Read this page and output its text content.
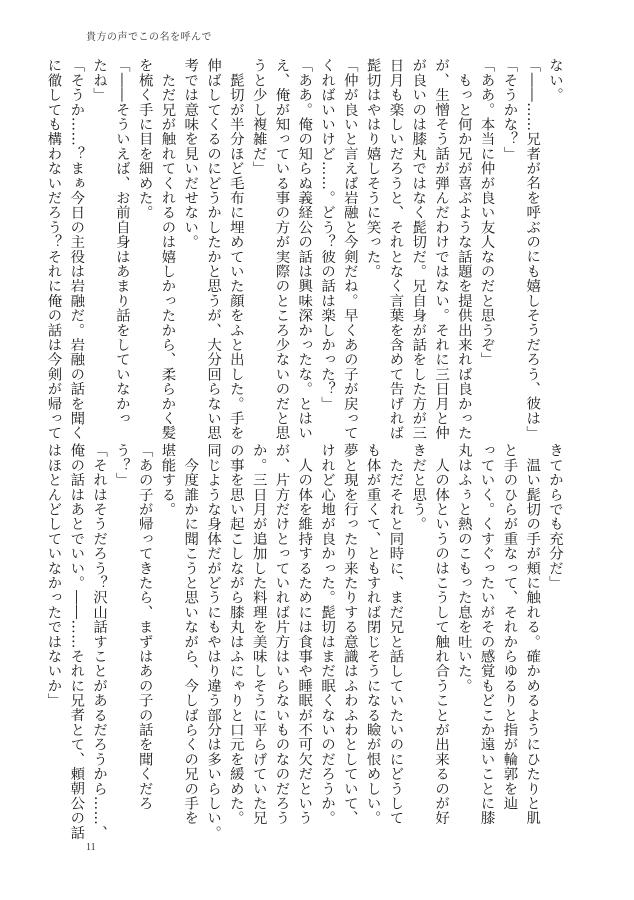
貴方の声でこの名を呼んで

ない。

「――……兄者が名を呼ぶのにも嬉しそうだろう、彼は」

「そうかな？」

「ああ。本当に仲が良い友人なのだと思うぞ」

　もっと何か兄が喜ぶような話題を提供出来れば良かった

が、生憎そう話が弾んだわけではない。それに三日月と仲

が良いのは膝丸ではなく髭切だ。兄自身が話をした方が三

日月も楽しいだろうと、それとなく言葉を含めて告げれば

髭切はやはり嬉しそうに笑った。

「仲が良いと言えば岩融と今剣だね。早くあの子が戻って

くればいいけど……。どう？彼の話は楽しかった？」

「ああ。俺の知らぬ義経公の話は興味深かったな。とはい

え、俺が知っている事の方が実際のところ少ないのだと思

うと少し複雑だ」

　髭切が半分ほど毛布に埋めていた顔をふと出した。手を

伸ばしてくるのにどうかしたかと思うが、大分回らない思

考では意味を見いだせない。

　ただ兄が触れてくれるのは嬉しかったから、柔らかく髪

を梳く手に目を細めた。

「――そういえば、お前自身はあまり話をしていなかっ

たね」

「そうか……？まぁ今日の主役は岩融だ。岩融の話を聞く

に徹しても構わないだろう？それに俺の話は今剣が帰って

きてからでも充分だ」

　温い髭切の手が頬に触れる。確かめるようにひたりと肌

と手のひらが重なって、それからゆるりと指が輪郭を辿

っていく。くすぐったいがその感覚もどこか遠いことに膝

丸はふぅと熱のこもった息を吐いた。

　人の体というのはこうして触れ合うことが出来るのが好

きだと思う。

　ただそれと同時に、まだ兄と話していたいのにどうして

も体が重くて、ともすれば閉じそうになる瞼が恨めしい。

夢と現を行ったり来たりする意識はふわふわとしていて、

けれど心地が良かった。髭切はまだ眠くないのだろうか。

　人の体を維持するためには食事や睡眠が不可欠だという

が、片方だけとっていれば片方はいらないものなのだろう

か。三日月が追加した料理を美味しそうに平らげていた兄

の事を思い起こしながら膝丸はふにゃりと口元を緩めた。

同じような身体だがどうにもやはり違う部分は多いらしい。

　今度誰かに聞こうと思いながら、今しばらくの兄の手を

堪能する。

「あの子が帰ってきたら、まずはあの子の話を聞くだろ

う？」

「それはそうだろう？沢山話すことがあるだろうから……、

俺の話はあとでいい。――……それに兄者とて、頼朝公の話

はほとんどしていなかったではないか」

11
